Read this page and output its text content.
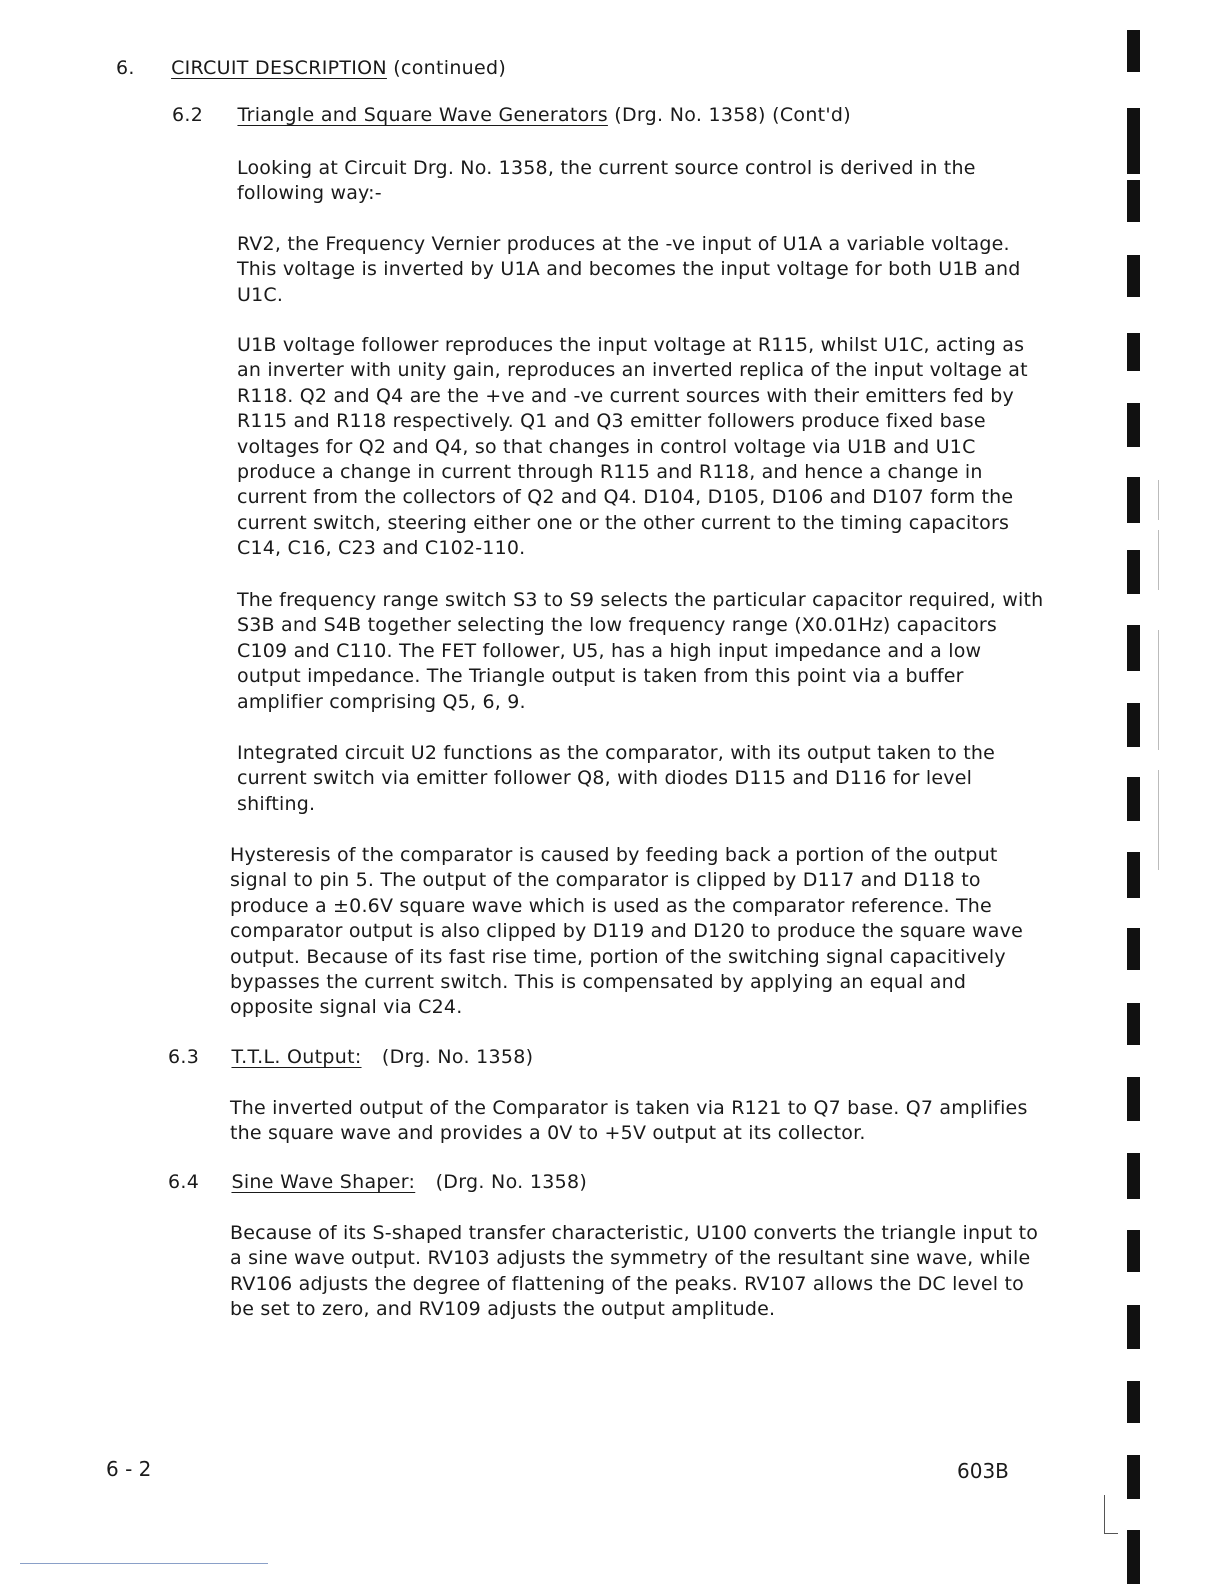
6. CIRCUIT DESCRIPTION (continued)
6.2 Triangle and Square Wave Generators (Drg. No. 1358) (Cont'd)

Looking at Circuit Drg. No. 1358, the current source control is derived in the following way:-

RV2, the Frequency Vernier produces at the -ve input of U1A a variable voltage. This voltage is inverted by U1A and becomes the input voltage for both U1B and U1C.

U1B voltage follower reproduces the input voltage at R115, whilst U1C, acting as an inverter with unity gain, reproduces an inverted replica of the input voltage at R118. Q2 and Q4 are the +ve and -ve current sources with their emitters fed by R115 and R118 respectively. Q1 and Q3 emitter followers produce fixed base voltages for Q2 and Q4, so that changes in control voltage via U1B and U1C produce a change in current through R115 and R118, and hence a change in current from the collectors of Q2 and Q4. D104, D105, D106 and D107 form the current switch, steering either one or the other current to the timing capacitors C14, C16, C23 and C102-110.

The frequency range switch S3 to S9 selects the particular capacitor required, with S3B and S4B together selecting the low frequency range (X0.01Hz) capacitors C109 and C110. The FET follower, U5, has a high input impedance and a low output impedance. The Triangle output is taken from this point via a buffer amplifier comprising Q5, 6, 9.

Integrated circuit U2 functions as the comparator, with its output taken to the current switch via emitter follower Q8, with diodes D115 and D116 for level shifting.

Hysteresis of the comparator is caused by feeding back a portion of the output signal to pin 5. The output of the comparator is clipped by D117 and D118 to produce a ±0.6V square wave which is used as the comparator reference. The comparator output is also clipped by D119 and D120 to produce the square wave output. Because of its fast rise time, portion of the switching signal capacitively bypasses the current switch. This is compensated by applying an equal and opposite signal via C24.

6.3 T.T.L. Output: (Drg. No. 1358)

The inverted output of the Comparator is taken via R121 to Q7 base. Q7 amplifies the square wave and provides a 0V to +5V output at its collector.

6.4 Sine Wave Shaper: (Drg. No. 1358)

Because of its S-shaped transfer characteristic, U100 converts the triangle input to a sine wave output. RV103 adjusts the symmetry of the resultant sine wave, while RV106 adjusts the degree of flattening of the peaks. RV107 allows the DC level to be set to zero, and RV109 adjusts the output amplitude.

6 - 2	603B
